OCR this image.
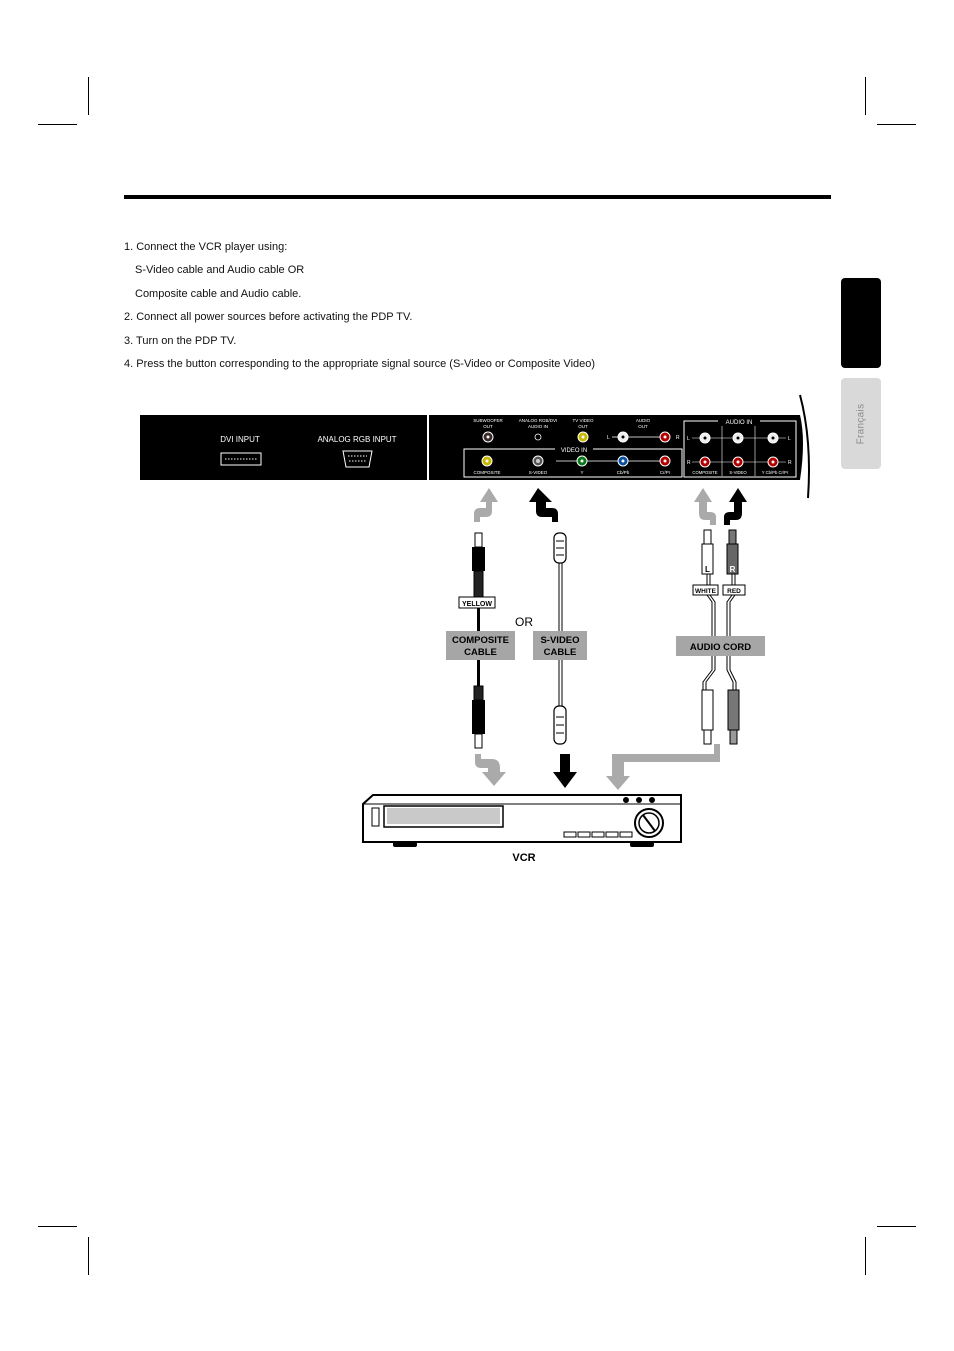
Français
1. Connect the VCR player using:
S-Video cable and Audio cable OR
Composite cable and Audio cable.
2. Connect all power sources before activating the PDP TV.
3. Turn on the PDP TV.
4. Press the button corresponding to the appropriate signal source (S-Video or Composite Video)
DVI INPUT	ANALOG RGB INPUT
SUBWOOFER
OUT
ANALOG RGB/DVI
AUDIO IN
TV VIDEO
OUT
AUDIO
OUT
L	R
VIDEO IN
COMPOSITE	S-VIDEO	Y	Cb/Pb	Cr/Pr
AUDIO IN
L	L
R	R
COMPOSITE	S-VIDEO	Y Cb/Pb Cr/Pr
YELLOW
OR
COMPOSITE
CABLE
S-VIDEO
CABLE
L R
WHITE RED
AUDIO CORD
VCR
